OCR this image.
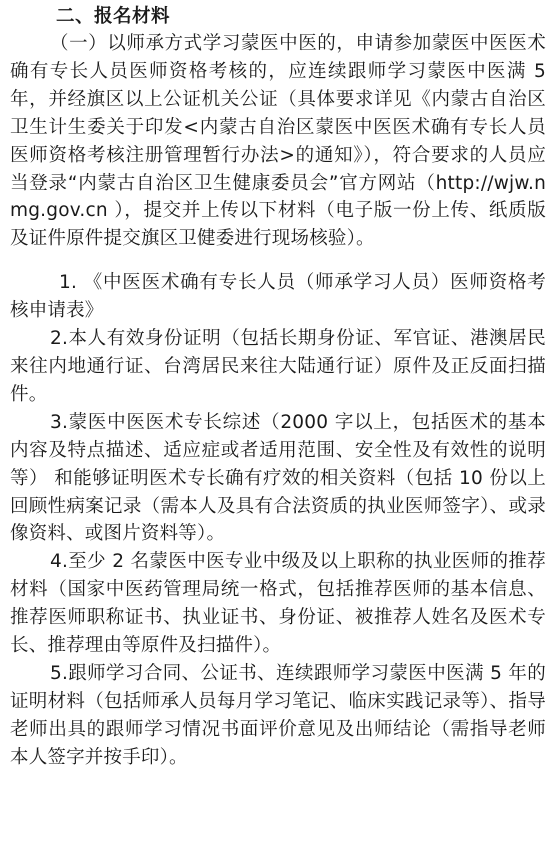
二、报名材料

（一）以师承方式学习蒙医中医的，申请参加蒙医中医医术确有专长人员医师资格考核的，应连续跟师学习蒙医中医满 5 年，并经旗区以上公证机关公证（具体要求详见《内蒙古自治区卫生计生委关于印发<内蒙古自治区蒙医中医医术确有专长人员医师资格考核注册管理暂行办法>的通知》），符合要求的人员应当登录“内蒙古自治区卫生健康委员会”官方网站（http://wjw.nmg.gov.cn ），提交并上传以下材料（电子版一份上传、纸质版及证件原件提交旗区卫健委进行现场核验）。

1. 《中医医术确有专长人员（师承学习人员）医师资格考核申请表》

2.本人有效身份证明（包括长期身份证、军官证、港澳居民来往内地通行证、台湾居民来往大陆通行证）原件及正反面扫描件。

3.蒙医中医医术专长综述（2000 字以上，包括医术的基本内容及特点描述、适应症或者适用范围、安全性及有效性的说明等） 和能够证明医术专长确有疗效的相关资料（包括 10 份以上回顾性病案记录（需本人及具有合法资质的执业医师签字）、或录像资料、或图片资料等）。

4.至少 2 名蒙医中医专业中级及以上职称的执业医师的推荐材料（国家中医药管理局统一格式，包括推荐医师的基本信息、推荐医师职称证书、执业证书、身份证、被推荐人姓名及医术专长、推荐理由等原件及扫描件）。

5.跟师学习合同、公证书、连续跟师学习蒙医中医满 5 年的证明材料（包括师承人员每月学习笔记、临床实践记录等）、指导老师出具的跟师学习情况书面评价意见及出师结论（需指导老师本人签字并按手印）。
